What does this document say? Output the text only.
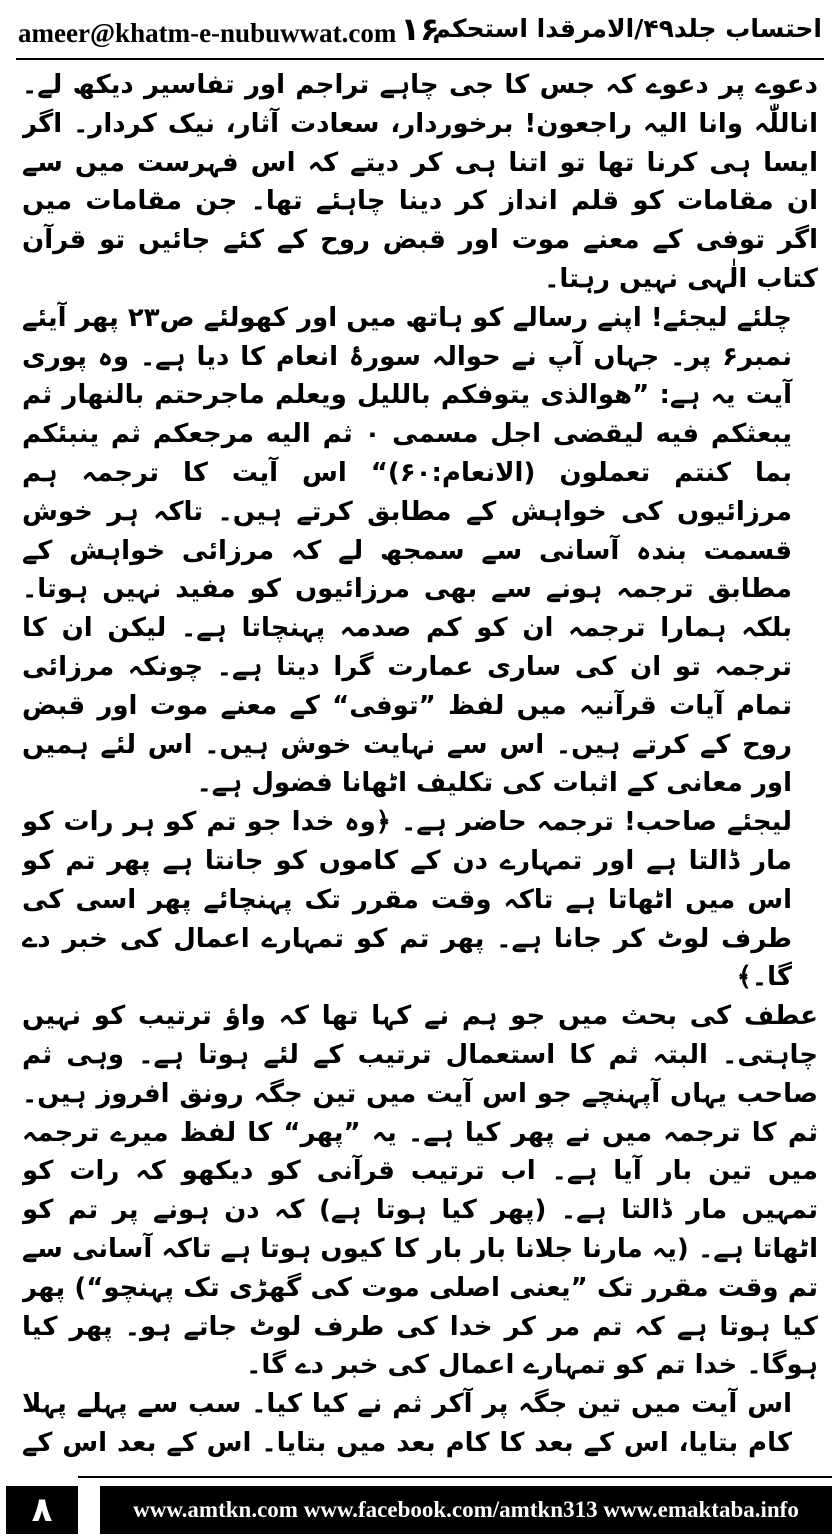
ameer@khatm-e-nubuwwat.com ۱۶
احتساب جلد۴۹/الامرقدا استحکم

دعوے پر دعوے کہ جس کا جی چاہے تراجم اور تفاسیر دیکھ لے۔ اناللّٰہ وانا الیہ راجعون! برخوردار، سعادت آثار، نیک کردار۔ اگر ایسا ہی کرنا تھا تو اتنا ہی کر دیتے کہ اس فہرست میں سے ان مقامات کو قلم انداز کر دینا چاہئے تھا۔ جن مقامات میں اگر توفی کے معنے موت اور قبض روح کے کئے جائیں تو قرآن کتاب الٰہی نہیں رہتا۔

چلئے لیجئے! اپنے رسالے کو ہاتھ میں اور کھولئے ص۲۳ پھر آیئے نمبر۶ پر۔ جہاں آپ نے حوالہ سورۂ انعام کا دیا ہے۔ وہ پوری آیت یہ ہے: ”هوالذی یتوفکم باللیل ویعلم ماجرحتم بالنهار ثم یبعثکم فیه لیقضی اجل مسمی ۰ ثم الیه مرجعکم ثم ینبئکم بما کنتم تعملون (الانعام:۶۰)“ اس آیت کا ترجمہ ہم مرزائیوں کی خواہش کے مطابق کرتے ہیں۔ تاکہ ہر خوش قسمت بندہ آسانی سے سمجھ لے کہ مرزائی خواہش کے مطابق ترجمہ ہونے سے بھی مرزائیوں کو مفید نہیں ہوتا۔ بلکہ ہمارا ترجمہ ان کو کم صدمہ پہنچاتا ہے۔ لیکن ان کا ترجمہ تو ان کی ساری عمارت گرا دیتا ہے۔ چونکہ مرزائی تمام آیات قرآنیہ میں لفظ ”توفی“ کے معنے موت اور قبض روح کے کرتے ہیں۔ اس سے نہایت خوش ہیں۔ اس لئے ہمیں اور معانی کے اثبات کی تکلیف اٹھانا فضول ہے۔

لیجئے صاحب! ترجمہ حاضر ہے۔ ﴿وہ خدا جو تم کو ہر رات کو مار ڈالتا ہے اور تمہارے دن کے کاموں کو جانتا ہے پھر تم کو اس میں اٹھاتا ہے تاکہ وقت مقرر تک پہنچائے پھر اسی کی طرف لوٹ کر جانا ہے۔ پھر تم کو تمہارے اعمال کی خبر دے گا۔﴾

عطف کی بحث میں جو ہم نے کہا تھا کہ واؤ ترتیب کو نہیں چاہتی۔ البتہ ثم کا استعمال ترتیب کے لئے ہوتا ہے۔ وہی ثم صاحب یہاں آپہنچے جو اس آیت میں تین جگہ رونق افروز ہیں۔ ثم کا ترجمہ میں نے پھر کیا ہے۔ یہ ”پھر“ کا لفظ میرے ترجمہ میں تین بار آیا ہے۔ اب ترتیب قرآنی کو دیکھو کہ رات کو تمہیں مار ڈالتا ہے۔ (پھر کیا ہوتا ہے) کہ دن ہونے پر تم کو اٹھاتا ہے۔ (یہ مارنا جلانا بار بار کا کیوں ہوتا ہے تاکہ آسانی سے تم وقت مقرر تک ”یعنی اصلی موت کی گھڑی تک پہنچو“) پھر کیا ہوتا ہے کہ تم مر کر خدا کی طرف لوٹ جاتے ہو۔ پھر کیا ہوگا۔ خدا تم کو تمہارے اعمال کی خبر دے گا۔

اس آیت میں تین جگہ پر آکر ثم نے کیا کیا۔ سب سے پہلے پہلا کام بتایا، اس کے بعد کا کام بعد میں بتایا۔ اس کے بعد اس کے

۸	www.amtkn.com www.facebook.com/amtkn313 www.emaktaba.info
